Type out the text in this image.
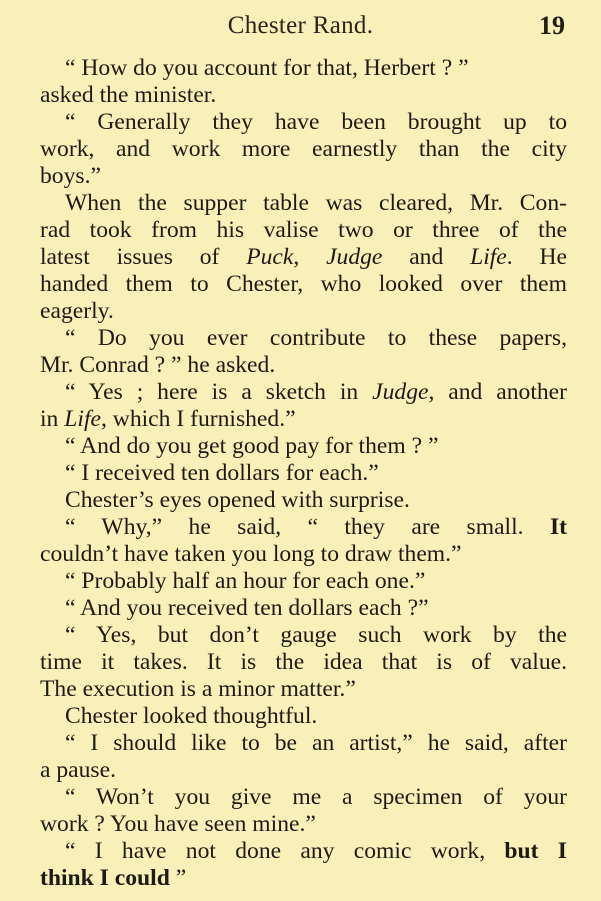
Chester Rand.	19
“ How do you account for that, Herbert ? ”
asked the minister.
“ Generally they have been brought up to
work, and work more earnestly than the city
boys.”
When the supper table was cleared, Mr. Con-
rad took from his valise two or three of the
latest issues of Puck, Judge and Life. He
handed them to Chester, who looked over them
eagerly.
“ Do you ever contribute to these papers,
Mr. Conrad ? ” he asked.
“ Yes ; here is a sketch in Judge, and another
in Life, which I furnished.”
“ And do you get good pay for them ? ”
“ I received ten dollars for each.”
Chester’s eyes opened with surprise.
“ Why,” he said, “ they are small. It
couldn’t have taken you long to draw them.”
“ Probably half an hour for each one.”
“ And you received ten dollars each ?”
“ Yes, but don’t gauge such work by the
time it takes. It is the idea that is of value.
The execution is a minor matter.”
Chester looked thoughtful.
“ I should like to be an artist,” he said, after
a pause.
“ Won’t you give me a specimen of your
work ? You have seen mine.”
“ I have not done any comic work, but I
think I could ”
